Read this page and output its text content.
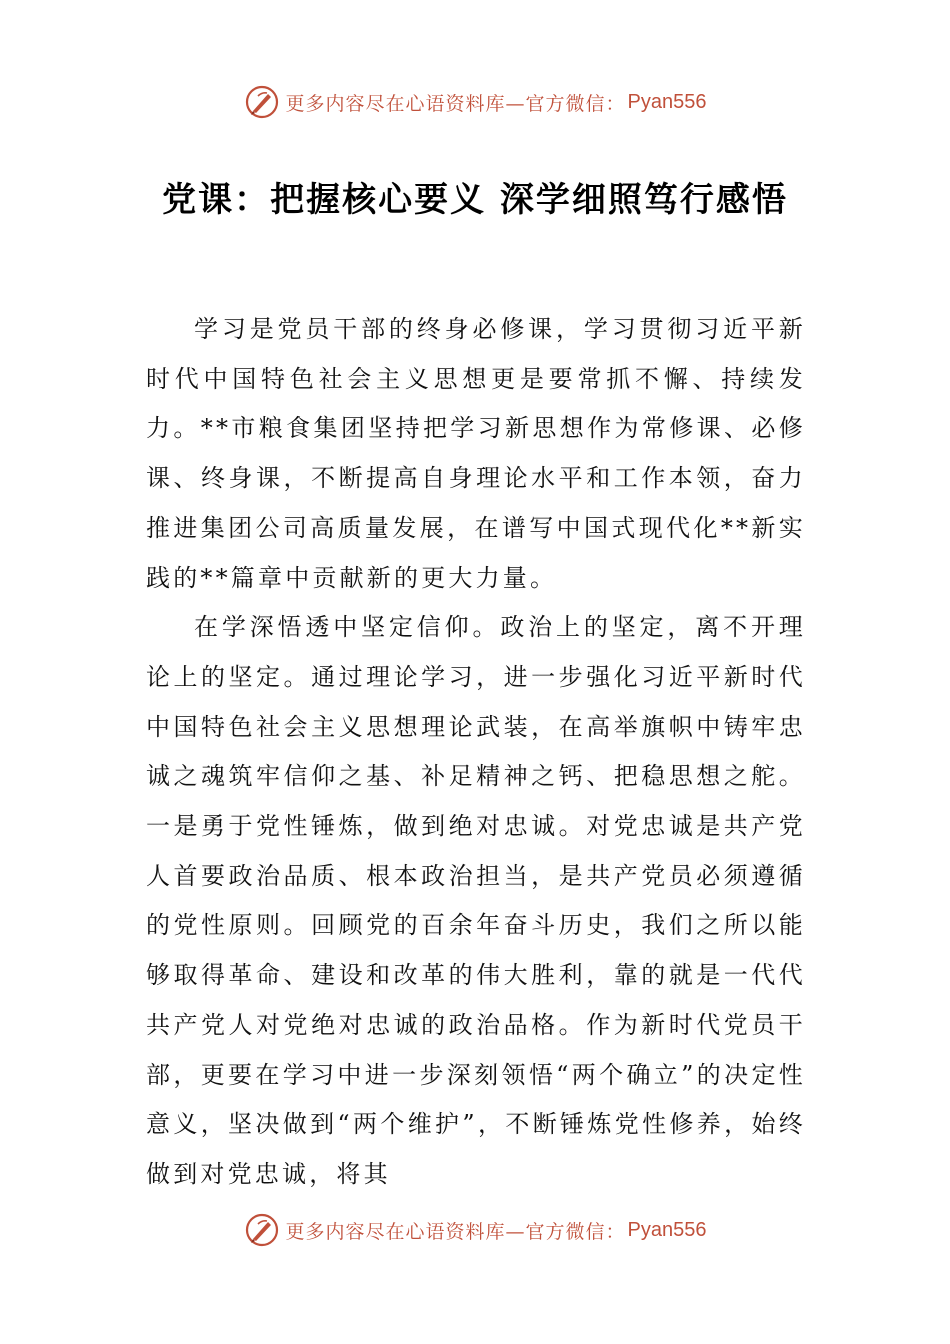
更多内容尽在心语资料库—官方微信： Pyan556
党课：把握核心要义 深学细照笃行感悟

学习是党员干部的终身必修课，学习贯彻习近平新时代中国特色社会主义思想更是要常抓不懈、持续发力。**市粮食集团坚持把学习新思想作为常修课、必修课、终身课，不断提高自身理论水平和工作本领，奋力推进集团公司高质量发展，在谱写中国式现代化**新实践的**篇章中贡献新的更大力量。

在学深悟透中坚定信仰。政治上的坚定，离不开理论上的坚定。通过理论学习，进一步强化习近平新时代中国特色社会主义思想理论武装，在高举旗帜中铸牢忠诚之魂筑牢信仰之基、补足精神之钙、把稳思想之舵。一是勇于党性锤炼，做到绝对忠诚。对党忠诚是共产党人首要政治品质、根本政治担当，是共产党员必须遵循的党性原则。回顾党的百余年奋斗历史，我们之所以能够取得革命、建设和改革的伟大胜利，靠的就是一代代共产党人对党绝对忠诚的政治品格。作为新时代党员干部，更要在学习中进一步深刻领悟“两个确立”的决定性意义，坚决做到“两个维护”，不断锤炼党性修养，始终做到对党忠诚，将其

更多内容尽在心语资料库—官方微信： Pyan556
